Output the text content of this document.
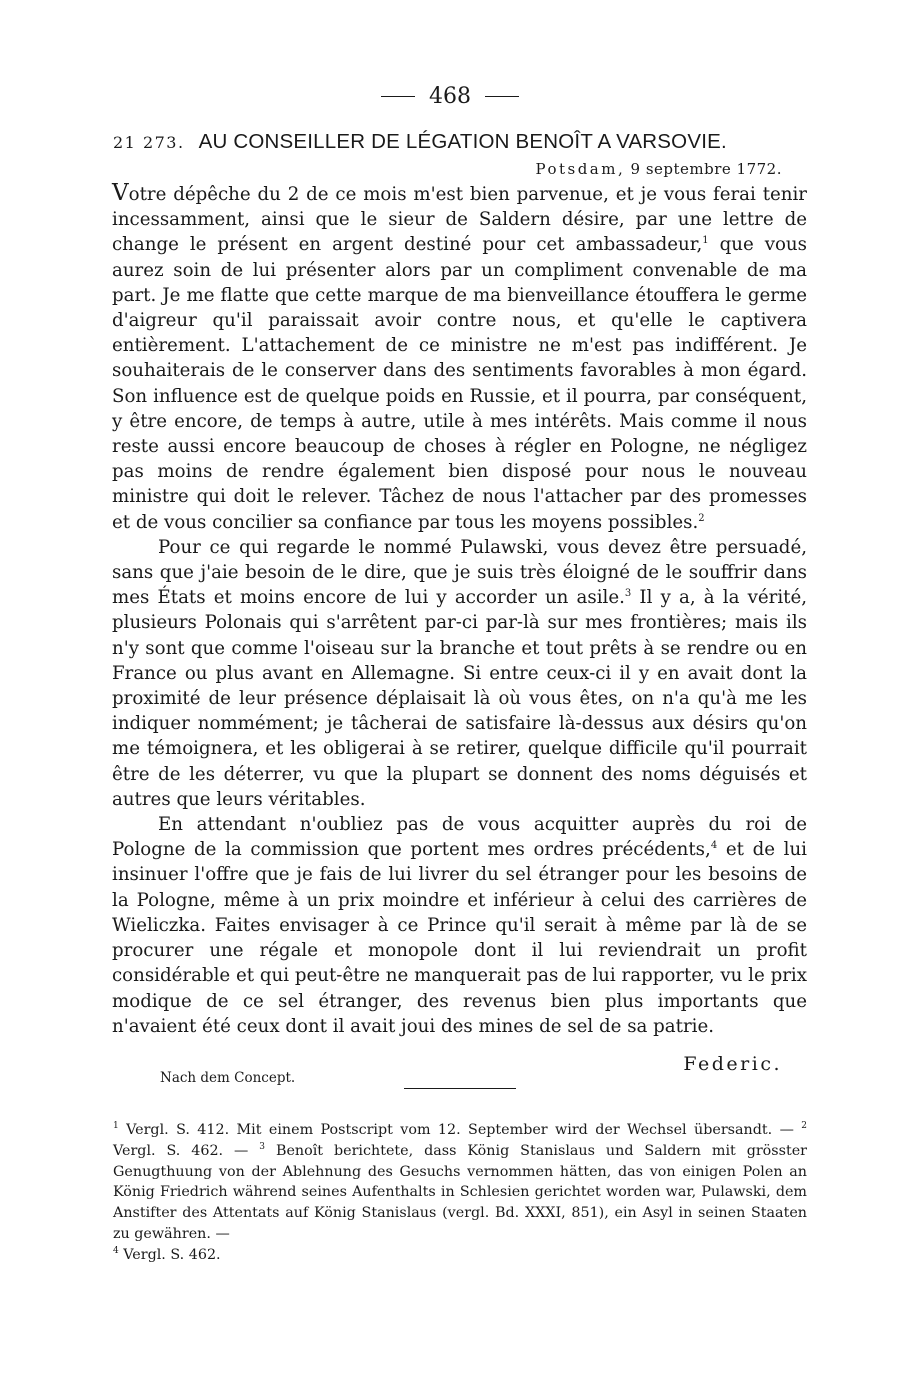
468
21 273. AU CONSEILLER DE LÉGATION BENOÎT A VARSOVIE.
Potsdam, 9 septembre 1772.

Votre dépêche du 2 de ce mois m'est bien parvenue, et je vous ferai tenir incessamment, ainsi que le sieur de Saldern désire, par une lettre de change le présent en argent destiné pour cet ambassadeur,$^1$ que vous aurez soin de lui présenter alors par un compliment convenable de ma part. Je me flatte que cette marque de ma bienveillance étouffera le germe d'aigreur qu'il paraissait avoir contre nous, et qu'elle le captivera entièrement. L'attachement de ce ministre ne m'est pas indifférent. Je souhaiterais de le conserver dans des sentiments favorables à mon égard. Son influence est de quelque poids en Russie, et il pourra, par conséquent, y être encore, de temps à autre, utile à mes intérêts. Mais comme il nous reste aussi encore beaucoup de choses à régler en Pologne, ne négligez pas moins de rendre également bien disposé pour nous le nouveau ministre qui doit le relever. Tâchez de nous l'attacher par des promesses et de vous concilier sa confiance par tous les moyens possibles.$^2$

Pour ce qui regarde le nommé Pulawski, vous devez être persuadé, sans que j'aie besoin de le dire, que je suis très éloigné de le souffrir dans mes États et moins encore de lui y accorder un asile.$^3$ Il y a, à la vérité, plusieurs Polonais qui s'arrêtent par-ci par-là sur mes frontières; mais ils n'y sont que comme l'oiseau sur la branche et tout prêts à se rendre ou en France ou plus avant en Allemagne. Si entre ceux-ci il y en avait dont la proximité de leur présence déplaisait là où vous êtes, on n'a qu'à me les indiquer nommément; je tâcherai de satisfaire là-dessus aux désirs qu'on me témoignera, et les obligerai à se retirer, quelque difficile qu'il pourrait être de les déterrer, vu que la plupart se donnent des noms déguisés et autres que leurs véritables.

En attendant n'oubliez pas de vous acquitter auprès du roi de Pologne de la commission que portent mes ordres précédents,$^4$ et de lui insinuer l'offre que je fais de lui livrer du sel étranger pour les besoins de la Pologne, même à un prix moindre et inférieur à celui des carrières de Wieliczka. Faites envisager à ce Prince qu'il serait à même par là de se procurer une régale et monopole dont il lui reviendrait un profit considérable et qui peut-être ne manquerait pas de lui rapporter, vu le prix modique de ce sel étranger, des revenus bien plus importants que n'avaient été ceux dont il avait joui des mines de sel de sa patrie.

Federic.
Nach dem Concept.

$^1$ Vergl. S. 412. Mit einem Postscript vom 12. September wird der Wechsel übersandt. — $^2$ Vergl. S. 462. — $^3$ Benoît berichtete, dass König Stanislaus und Saldern mit grösster Genugthuung von der Ablehnung des Gesuchs vernommen hätten, das von einigen Polen an König Friedrich während seines Aufenthalts in Schlesien gerichtet worden war, Pulawski, dem Anstifter des Attentats auf König Stanislaus (vergl. Bd. XXXI, 851), ein Asyl in seinen Staaten zu gewähren. —
$^4$ Vergl. S. 462.
